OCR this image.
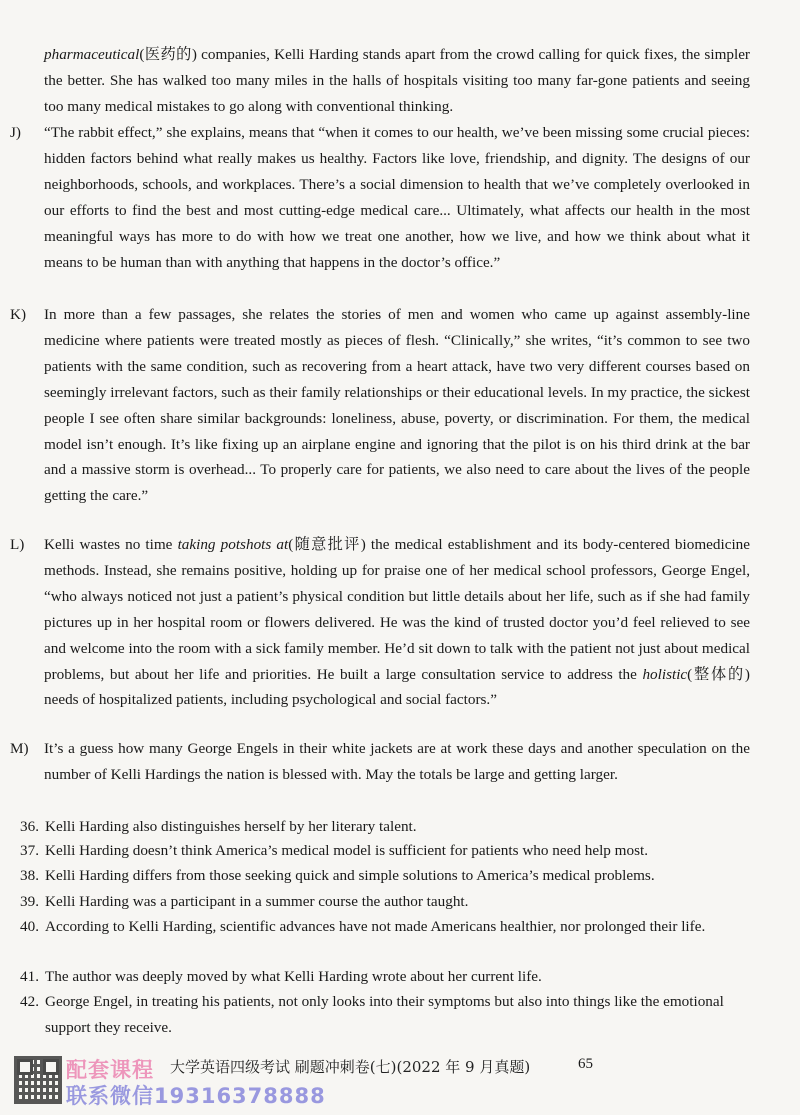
pharmaceutical(医药的) companies, Kelli Harding stands apart from the crowd calling for quick fixes, the simpler the better. She has walked too many miles in the halls of hospitals visiting too many far-gone patients and seeing too many medical mistakes to go along with conventional thinking.
J) “The rabbit effect,” she explains, means that “when it comes to our health, we’ve been missing some crucial pieces: hidden factors behind what really makes us healthy. Factors like love, friendship, and dignity. The designs of our neighborhoods, schools, and workplaces. There’s a social dimension to health that we’ve completely overlooked in our efforts to find the best and most cutting-edge medical care... Ultimately, what affects our health in the most meaningful ways has more to do with how we treat one another, how we live, and how we think about what it means to be human than with anything that happens in the doctor’s office.”
K) In more than a few passages, she relates the stories of men and women who came up against assembly-line medicine where patients were treated mostly as pieces of flesh. “Clinically,” she writes, “it’s common to see two patients with the same condition, such as recovering from a heart attack, have two very different courses based on seemingly irrelevant factors, such as their family relationships or their educational levels. In my practice, the sickest people I see often share similar backgrounds: loneliness, abuse, poverty, or discrimination. For them, the medical model isn’t enough. It’s like fixing up an airplane engine and ignoring that the pilot is on his third drink at the bar and a massive storm is overhead... To properly care for patients, we also need to care about the lives of the people getting the care.”
L) Kelli wastes no time taking potshots at(随意批评) the medical establishment and its body-centered biomedicine methods. Instead, she remains positive, holding up for praise one of her medical school professors, George Engel, “who always noticed not just a patient’s physical condition but little details about her life, such as if she had family pictures up in her hospital room or flowers delivered. He was the kind of trusted doctor you’d feel relieved to see and welcome into the room with a sick family member. He’d sit down to talk with the patient not just about medical problems, but about her life and priorities. He built a large consultation service to address the holistic(整体的) needs of hospitalized patients, including psychological and social factors.”
M) It’s a guess how many George Engels in their white jackets are at work these days and another speculation on the number of Kelli Hardings the nation is blessed with. May the totals be large and getting larger.
36. Kelli Harding also distinguishes herself by her literary talent.
37. Kelli Harding doesn’t think America’s medical model is sufficient for patients who need help most.
38. Kelli Harding differs from those seeking quick and simple solutions to America’s medical problems.
39. Kelli Harding was a participant in a summer course the author taught.
40. According to Kelli Harding, scientific advances have not made Americans healthier, nor prolonged their life.
41. The author was deeply moved by what Kelli Harding wrote about her current life.
42. George Engel, in treating his patients, not only looks into their symptoms but also into things like the emotional support they receive.
配套课程
联系微信19316378888
大学英语四级考试 刷题冲刺卷(七)(2022 年 9 月真题)	65
